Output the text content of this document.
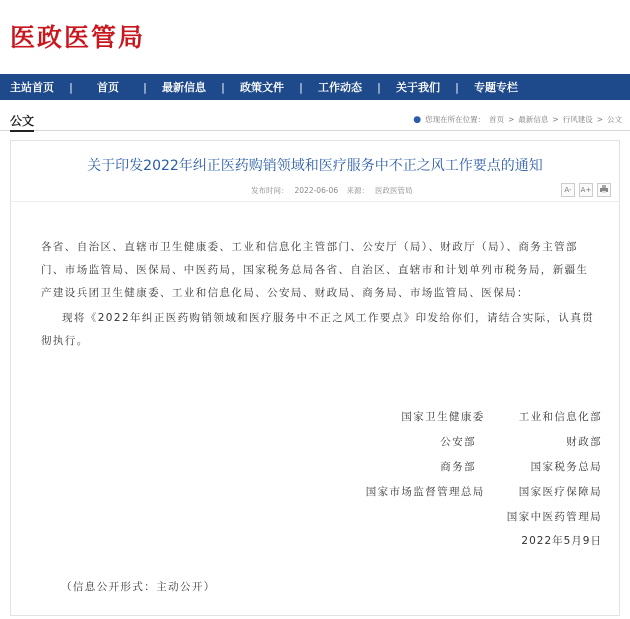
医政医管局
主站首页	|	首页	|	最新信息	|	政策文件	|	工作动态	|	关于我们	|	专题专栏
公文	● 您现在所在位置： 首页 > 最新信息 > 行风建设 > 公文
关于印发2022年纠正医药购销领域和医疗服务中不正之风工作要点的通知
发布时间： 2022-06-06 来源： 医政医管局	A-	A+

各省、自治区、直辖市卫生健康委、工业和信息化主管部门、公安厅（局）、财政厅（局）、商务主管部门、市场监管局、医保局、中医药局，国家税务总局各省、自治区、直辖市和计划单列市税务局，新疆生产建设兵团卫生健康委、工业和信息化局、公安局、财政局、商务局、市场监管局、医保局：

现将《2022年纠正医药购销领域和医疗服务中不正之风工作要点》印发给你们，请结合实际，认真贯彻执行。

国家卫生健康委	工业和信息化部
公安部	财政部
商务部	国家税务总局
国家市场监督管理总局	国家医疗保障局
国家中医药管理局
2022年5月9日
（信息公开形式：主动公开）
